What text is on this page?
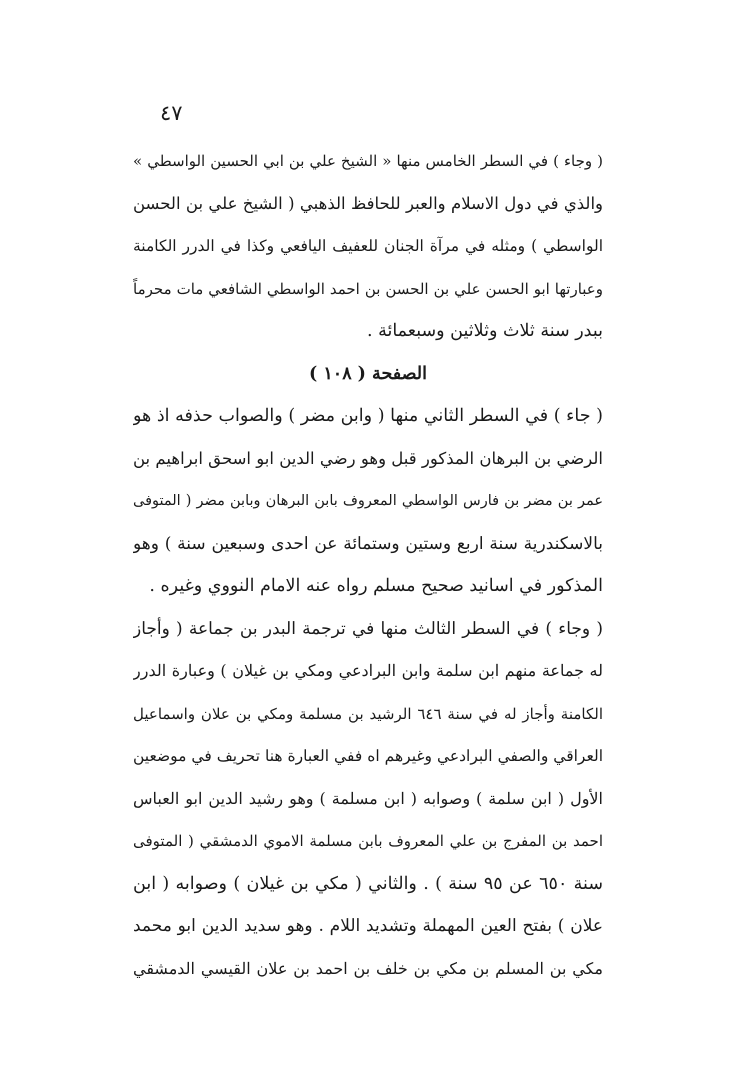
٤٧
( وجاء ) في السطر الخامس منها « الشيخ علي بن ابي الحسين الواسطي »
والذي في دول الاسلام والعبر للحافظ الذهبي ( الشيخ علي بن الحسن
الواسطي ) ومثله في مرآة الجنان للعفيف اليافعي وكذا في الدرر الكامنة
وعبارتها ابو الحسن علي بن الحسن بن احمد الواسطي الشافعي مات محرماً
ببدر سنة ثلاث وثلاثين وسبعمائة .
الصفحة ( ١٠٨ )
( جاء ) في السطر الثاني منها ( وابن مضر ) والصواب حذفه اذ هو
الرضي بن البرهان المذكور قبل وهو رضي الدين ابو اسحق ابراهيم بن
عمر بن مضر بن فارس الواسطي المعروف بابن البرهان وبابن مضر ( المتوفى
بالاسكندرية سنة اربع وستين وستمائة عن احدى وسبعين سنة ) وهو
المذكور في اسانيد صحيح مسلم رواه عنه الامام النووي وغيره .
( وجاء ) في السطر الثالث منها في ترجمة البدر بن جماعة ( وأجاز
له جماعة منهم ابن سلمة وابن البرادعي ومكي بن غيلان ) وعبارة الدرر
الكامنة وأجاز له في سنة ٦٤٦ الرشيد بن مسلمة ومكي بن علان واسماعيل
العراقي والصفي البرادعي وغيرهم اه ففي العبارة هنا تحريف في موضعين
الأول ( ابن سلمة ) وصوابه ( ابن مسلمة ) وهو رشيد الدين ابو العباس
احمد بن المفرج بن علي المعروف بابن مسلمة الاموي الدمشقي ( المتوفى
سنة ٦٥٠ عن ٩٥ سنة ) . والثاني ( مكي بن غيلان ) وصوابه ( ابن
علان ) بفتح العين المهملة وتشديد اللام . وهو سديد الدين ابو محمد
مكي بن المسلم بن مكي بن خلف بن احمد بن علان القيسي الدمشقي
